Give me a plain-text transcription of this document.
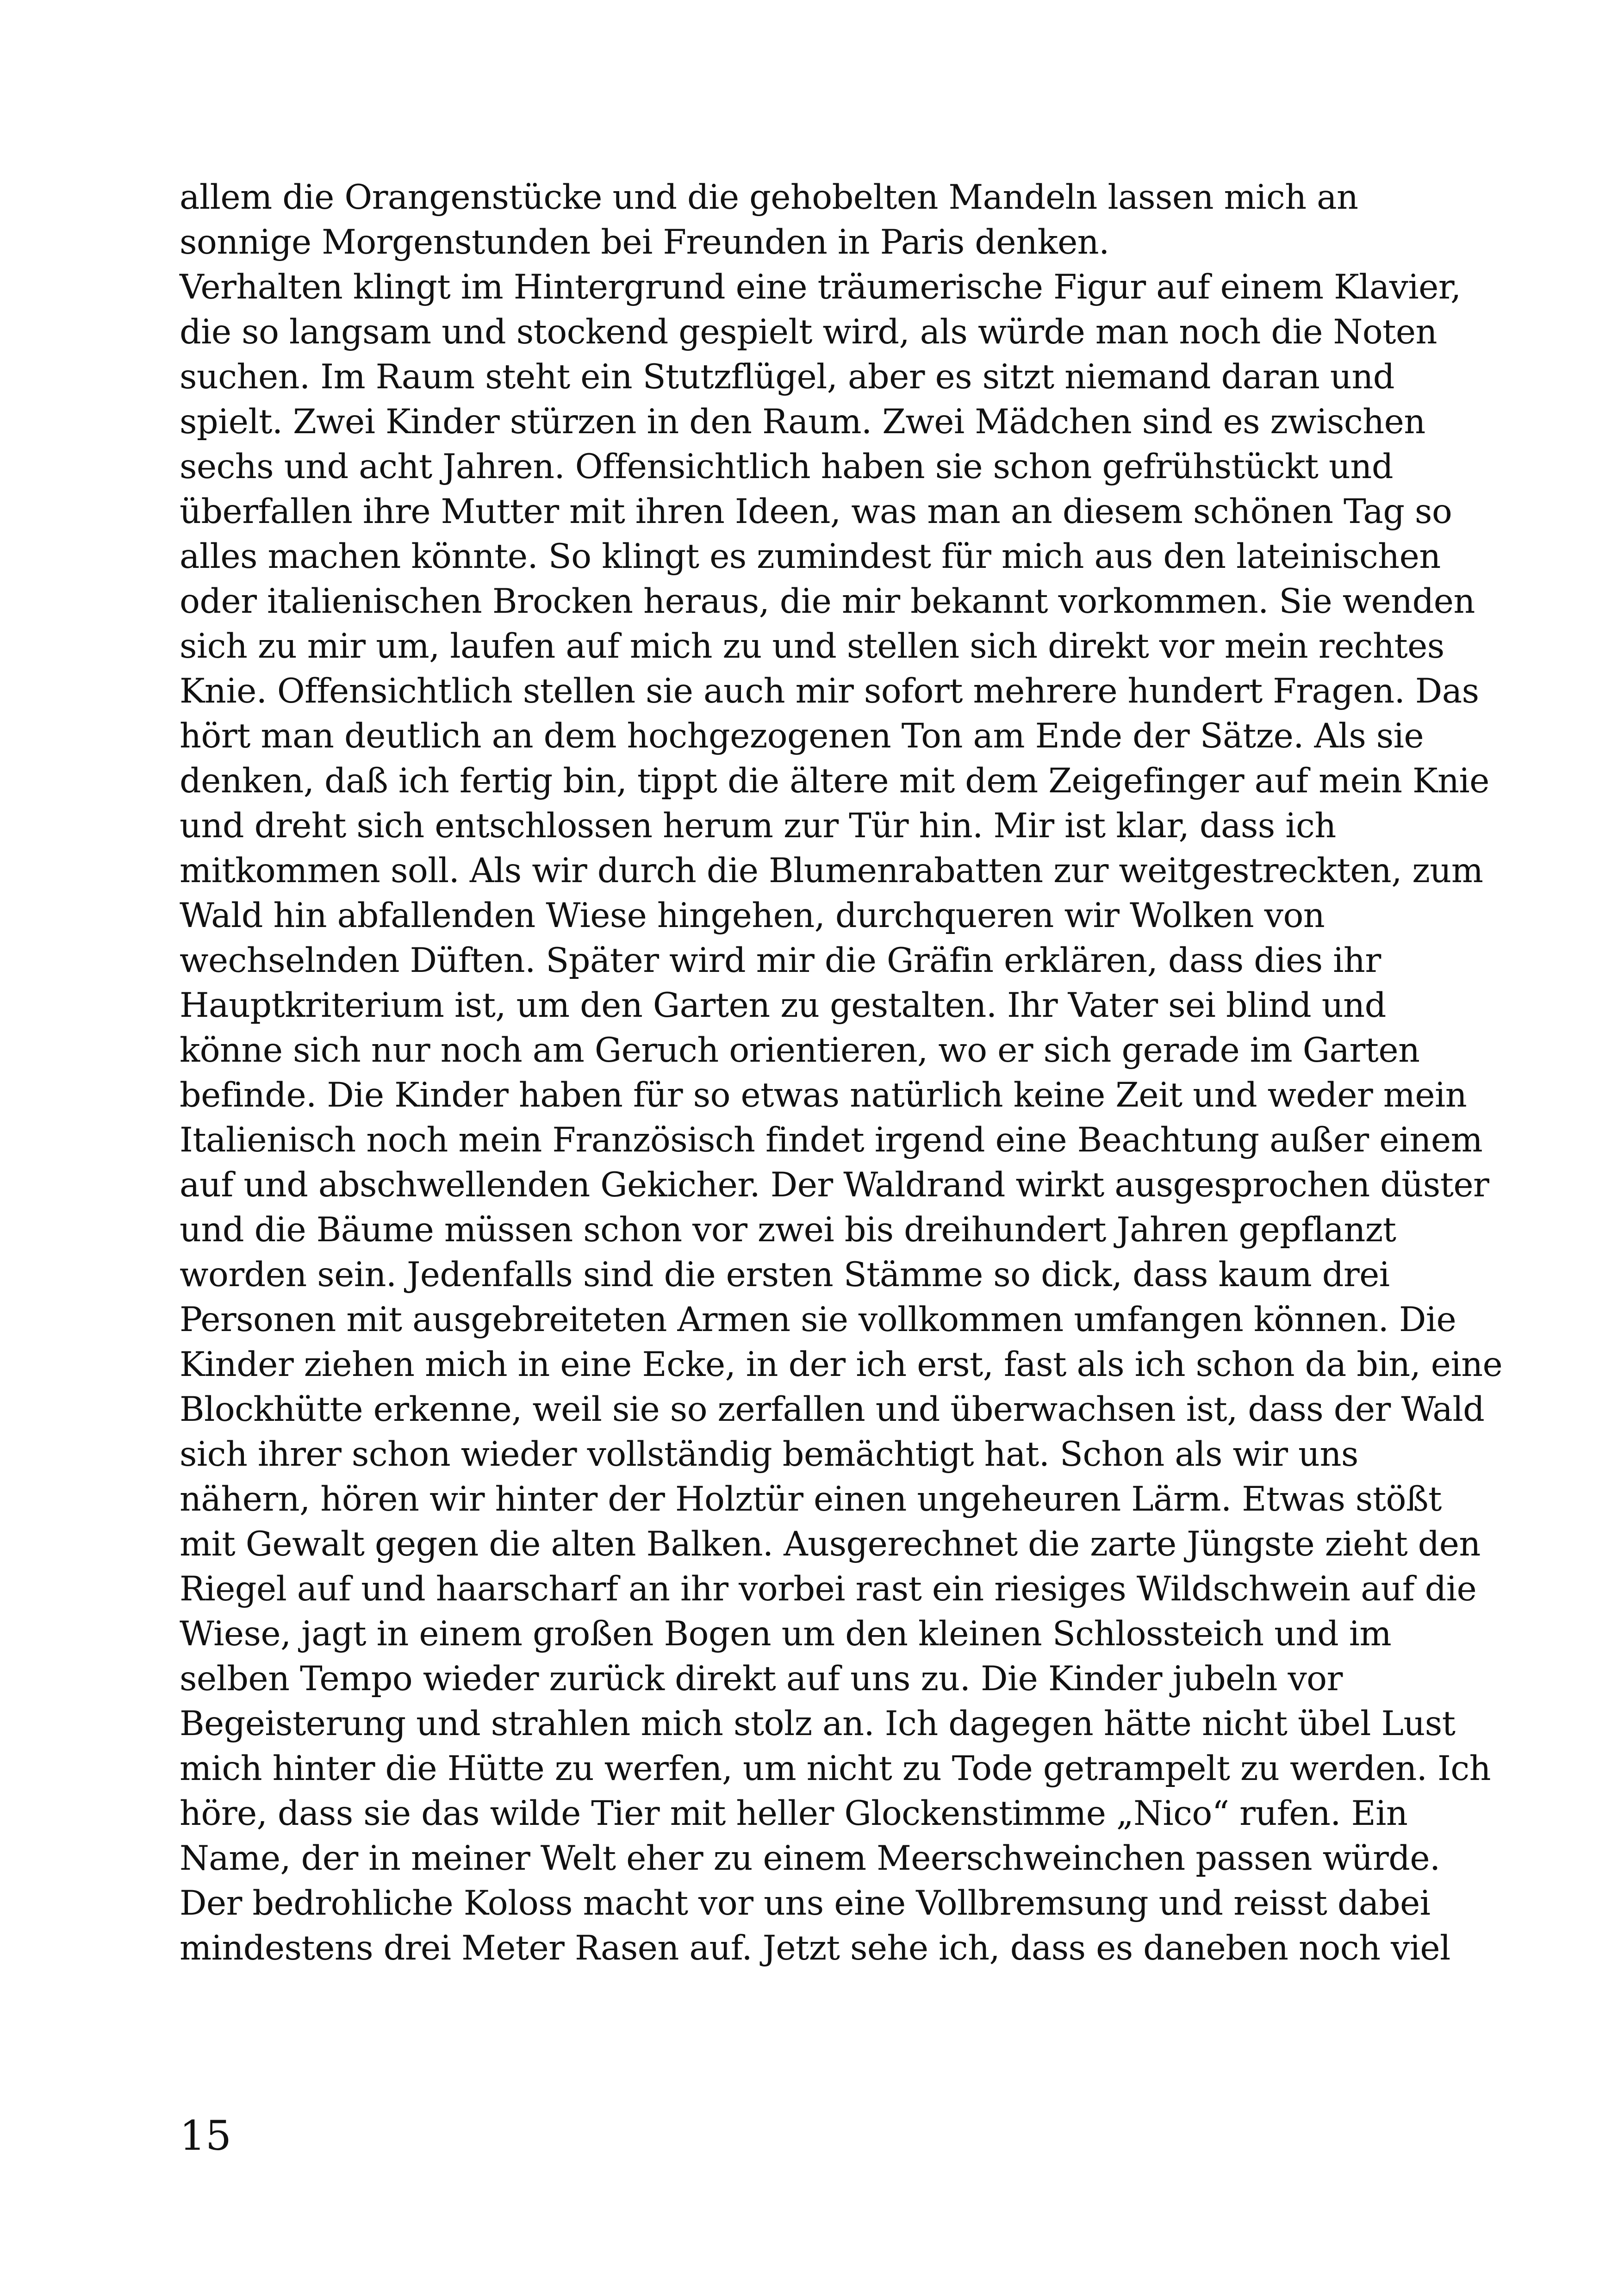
allem die Orangenstücke und die gehobelten Mandeln lassen mich an
sonnige Morgenstunden bei Freunden in Paris denken.
Verhalten klingt im Hintergrund eine träumerische Figur auf einem Klavier,
die so langsam und stockend gespielt wird, als würde man noch die Noten
suchen. Im Raum steht ein Stutzflügel, aber es sitzt niemand daran und
spielt. Zwei Kinder stürzen in den Raum. Zwei Mädchen sind es zwischen
sechs und acht Jahren. Offensichtlich haben sie schon gefrühstückt und
überfallen ihre Mutter mit ihren Ideen, was man an diesem schönen Tag so
alles machen könnte. So klingt es zumindest für mich aus den lateinischen
oder italienischen Brocken heraus, die mir bekannt vorkommen. Sie wenden
sich zu mir um, laufen auf mich zu und stellen sich direkt vor mein rechtes
Knie. Offensichtlich stellen sie auch mir sofort mehrere hundert Fragen. Das
hört man deutlich an dem hochgezogenen Ton am Ende der Sätze. Als sie
denken, daß ich fertig bin, tippt die ältere mit dem Zeigefinger auf mein Knie
und dreht sich entschlossen herum zur Tür hin. Mir ist klar, dass ich
mitkommen soll. Als wir durch die Blumenrabatten zur weitgestreckten, zum
Wald hin abfallenden Wiese hingehen, durchqueren wir Wolken von
wechselnden Düften. Später wird mir die Gräfin erklären, dass dies ihr
Hauptkriterium ist, um den Garten zu gestalten. Ihr Vater sei blind und
könne sich nur noch am Geruch orientieren, wo er sich gerade im Garten
befinde. Die Kinder haben für so etwas natürlich keine Zeit und weder mein
Italienisch noch mein Französisch findet irgend eine Beachtung außer einem
auf und abschwellenden Gekicher. Der Waldrand wirkt ausgesprochen düster
und die Bäume müssen schon vor zwei bis dreihundert Jahren gepflanzt
worden sein. Jedenfalls sind die ersten Stämme so dick, dass kaum drei
Personen mit ausgebreiteten Armen sie vollkommen umfangen können. Die
Kinder ziehen mich in eine Ecke, in der ich erst, fast als ich schon da bin, eine
Blockhütte erkenne, weil sie so zerfallen und überwachsen ist, dass der Wald
sich ihrer schon wieder vollständig bemächtigt hat. Schon als wir uns
nähern, hören wir hinter der Holztür einen ungeheuren Lärm. Etwas stößt
mit Gewalt gegen die alten Balken. Ausgerechnet die zarte Jüngste zieht den
Riegel auf und haarscharf an ihr vorbei rast ein riesiges Wildschwein auf die
Wiese, jagt in einem großen Bogen um den kleinen Schlossteich und im
selben Tempo wieder zurück direkt auf uns zu. Die Kinder jubeln vor
Begeisterung und strahlen mich stolz an. Ich dagegen hätte nicht übel Lust
mich hinter die Hütte zu werfen, um nicht zu Tode getrampelt zu werden. Ich
höre, dass sie das wilde Tier mit heller Glockenstimme „Nico“ rufen. Ein
Name, der in meiner Welt eher zu einem Meerschweinchen passen würde.
Der bedrohliche Koloss macht vor uns eine Vollbremsung und reisst dabei
mindestens drei Meter Rasen auf. Jetzt sehe ich, dass es daneben noch viel
15
